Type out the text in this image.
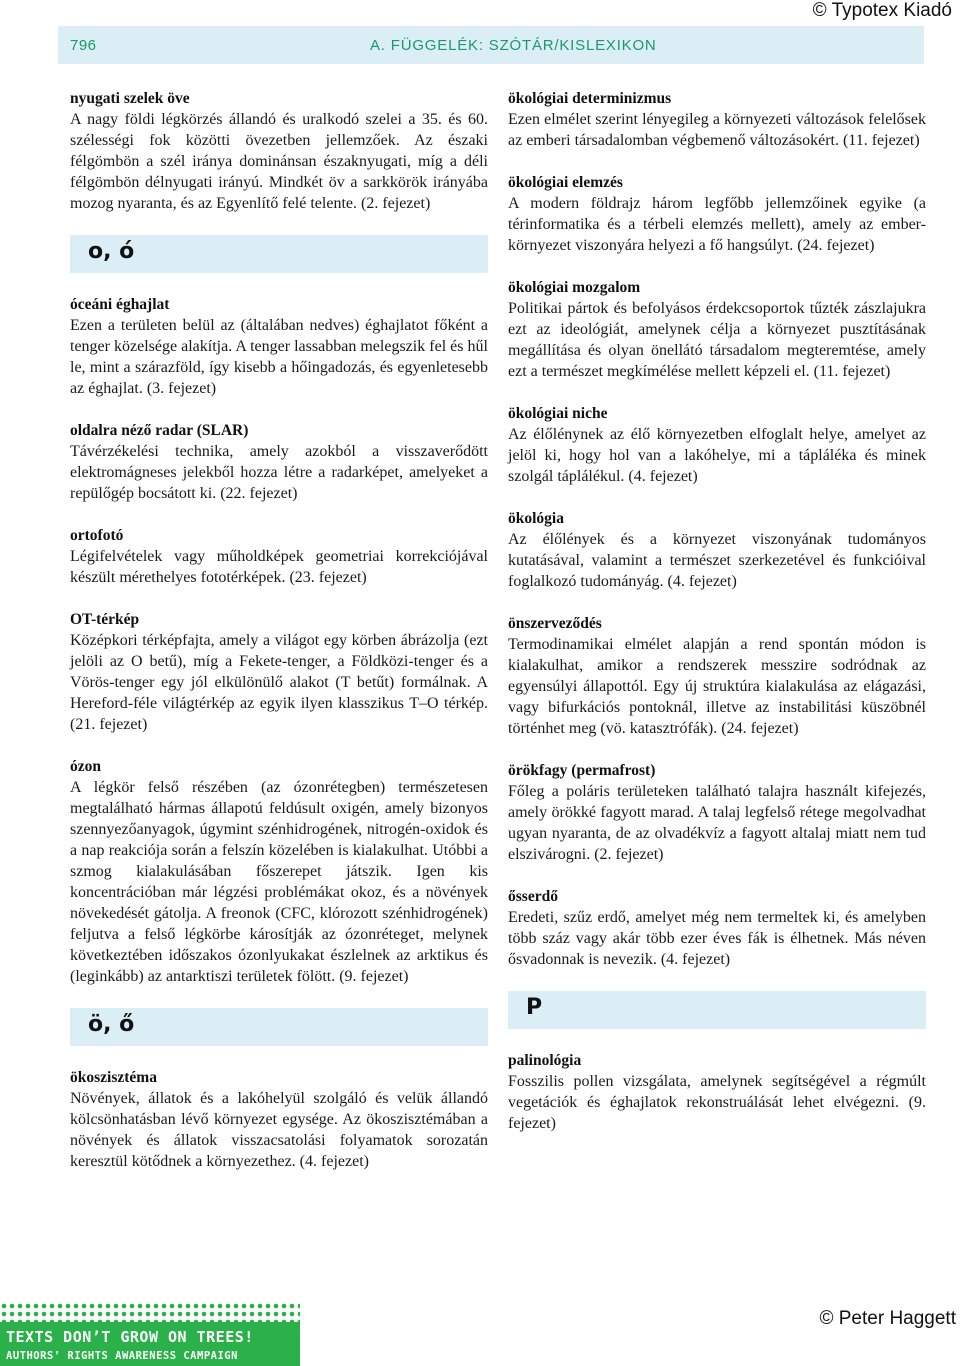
© Typotex Kiadó
796	A. FÜGGELÉK: SZÓTÁR/KISLEXIKON
nyugati szelek öve
A nagy földi légkörzés állandó és uralkodó szelei a 35. és 60. szélességi fok közötti övezetben jellemzőek. Az északi félgömbön a szél iránya dominánsan északnyugati, míg a déli félgömbön délnyugati irányú. Mindkét öv a sarkkörök irányába mozog nyaranta, és az Egyenlítő felé telente. (2. fejezet)
o, ó
óceáni éghajlat
Ezen a területen belül az (általában nedves) éghajlatot főként a tenger közelsége alakítja. A tenger lassabban melegszik fel és hűl le, mint a szárazföld, így kisebb a hőingadozás, és egyenletesebb az éghajlat. (3. fejezet)
oldalra néző radar (SLAR)
Távérzékelési technika, amely azokból a visszaverődött elektromágneses jelekből hozza létre a radarképet, amelyeket a repülőgép bocsátott ki. (22. fejezet)
ortofotó
Légifelvételek vagy műholdképek geometriai korrekciójával készült mérethelyes fototérképek. (23. fejezet)
OT-térkép
Középkori térképfajta, amely a világot egy körben ábrázolja (ezt jelöli az O betű), míg a Fekete-tenger, a Földközi-tenger és a Vörös-tenger egy jól elkülönülő alakot (T betűt) formálnak. A Hereford-féle világtérkép az egyik ilyen klasszikus T–O térkép. (21. fejezet)
ózon
A légkör felső részében (az ózonrétegben) természetesen megtalálható hármas állapotú feldúsult oxigén, amely bizonyos szennyezőanyagok, úgymint szénhidrogének, nitrogén-oxidok és a nap reakciója során a felszín közelében is kialakulhat. Utóbbi a szmog kialakulásában főszerepet játszik. Igen kis koncentrációban már légzési problémákat okoz, és a növények növekedését gátolja. A freonok (CFC, klórozott szénhidrogének) feljutva a felső légkörbe károsítják az ózonréteget, melynek következtében időszakos ózonlyukakat észlelnek az arktikus és (leginkább) az antarktiszi területek fölött. (9. fejezet)
ö, ő
ökoszisztéma
Növények, állatok és a lakóhelyül szolgáló és velük állandó kölcsönhatásban lévő környezet egysége. Az ökoszisztémában a növények és állatok visszacsatolási folyamatok sorozatán keresztül kötődnek a környezethez. (4. fejezet)
ökológiai determinizmus
Ezen elmélet szerint lényegileg a környezeti változások felelősek az emberi társadalomban végbemenő változásokért. (11. fejezet)
ökológiai elemzés
A modern földrajz három legfőbb jellemzőinek egyike (a térinformatika és a térbeli elemzés mellett), amely az ember-környezet viszonyára helyezi a fő hangsúlyt. (24. fejezet)
ökológiai mozgalom
Politikai pártok és befolyásos érdekcsoportok tűzték zászlajukra ezt az ideológiát, amelynek célja a környezet pusztításának megállítása és olyan önellátó társadalom megteremtése, amely ezt a természet megkímélése mellett képzeli el. (11. fejezet)
ökológiai niche
Az élőlénynek az élő környezetben elfoglalt helye, amelyet az jelöl ki, hogy hol van a lakóhelye, mi a tápláléka és minek szolgál táplálékul. (4. fejezet)
ökológia
Az élőlények és a környezet viszonyának tudományos kutatásával, valamint a természet szerkezetével és funkcióival foglalkozó tudományág. (4. fejezet)
önszerveződés
Termodinamikai elmélet alapján a rend spontán módon is kialakulhat, amikor a rendszerek messzire sodródnak az egyensúlyi állapottól. Egy új struktúra kialakulása az elágazási, vagy bifurkációs pontoknál, illetve az instabilitási küszöbnél történhet meg (vö. katasztrófák). (24. fejezet)
örökfagy (permafrost)
Főleg a poláris területeken található talajra használt kifejezés, amely örökké fagyott marad. A talaj legfelső rétege megolvadhat ugyan nyaranta, de az olvadékvíz a fagyott altalaj miatt nem tud elszivárogni. (2. fejezet)
ősserdő
Eredeti, szűz erdő, amelyet még nem termeltek ki, és amelyben több száz vagy akár több ezer éves fák is élhetnek. Más néven ősvadonnak is nevezik. (4. fejezet)
P
palinológia
Fosszilis pollen vizsgálata, amelynek segítségével a régmúlt vegetációk és éghajlatok rekonstruálását lehet elvégezni. (9. fejezet)
© Peter Haggett
TEXTS DON’T GROW ON TREES!
AUTHORS’ RIGHTS AWARENESS CAMPAIGN
